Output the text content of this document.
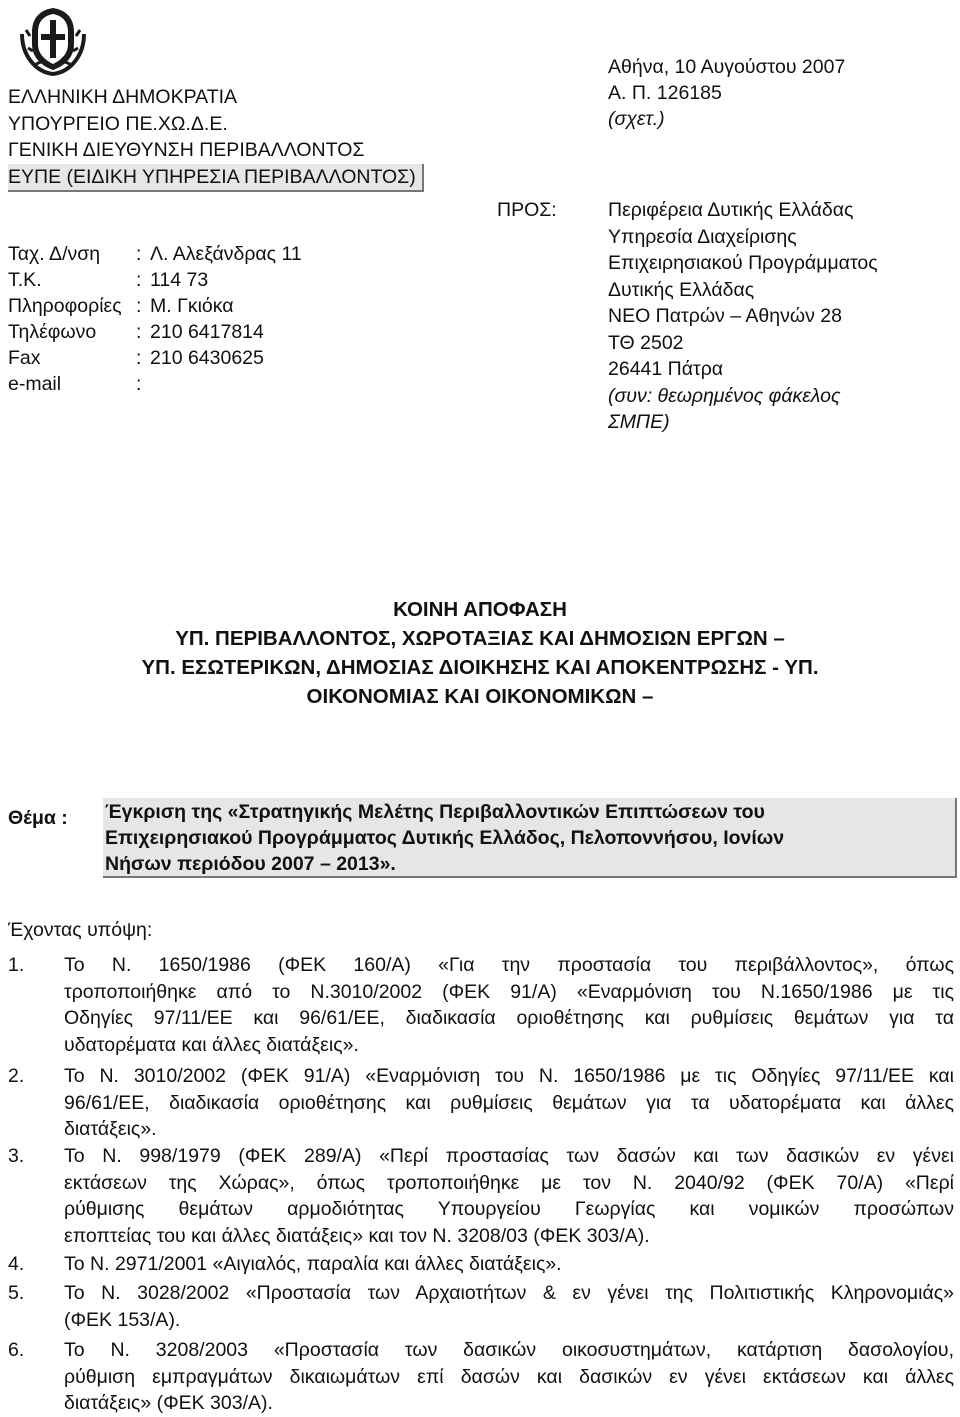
ΕΛΛΗΝΙΚΗ ΔΗΜΟΚΡΑΤΙΑ
ΥΠΟΥΡΓΕΙΟ ΠΕ.ΧΩ.Δ.Ε.
ΓΕΝΙΚΗ ΔΙΕΥΘΥΝΣΗ ΠΕΡΙΒΑΛΛΟΝΤΟΣ
ΕΥΠΕ (ΕΙΔΙΚΗ ΥΠΗΡΕΣΙΑ ΠΕΡΙΒΑΛΛΟΝΤΟΣ)
Ταχ. Δ/νση : Λ. Αλεξάνδρας 11
Τ.Κ.	: 114 73
Πληροφορίες : Μ. Γκιόκα
Τηλέφωνο : 210 6417814
Fax	: 210 6430625
e-mail	:
Αθήνα, 10 Αυγούστου 2007
Α. Π. 126185
(σχετ.)
ΠΡΟΣ:	Περιφέρεια Δυτικής Ελλάδας
Υπηρεσία Διαχείρισης
Επιχειρησιακού Προγράμματος
Δυτικής Ελλάδας
ΝΕΟ Πατρών – Αθηνών 28
ΤΘ 2502
26441 Πάτρα
(συν: θεωρημένος φάκελος
ΣΜΠΕ)
ΚΟΙΝΗ ΑΠΟΦΑΣΗ
ΥΠ. ΠΕΡΙΒΑΛΛΟΝΤΟΣ, ΧΩΡΟΤΑΞΙΑΣ ΚΑΙ ΔΗΜΟΣΙΩΝ ΕΡΓΩΝ –
ΥΠ. ΕΣΩΤΕΡΙΚΩΝ, ΔΗΜΟΣΙΑΣ ΔΙΟΙΚΗΣΗΣ ΚΑΙ ΑΠΟΚΕΝΤΡΩΣΗΣ - ΥΠ.
ΟΙΚΟΝΟΜΙΑΣ ΚΑΙ ΟΙΚΟΝΟΜΙΚΩΝ –
Θέμα : Έγκριση της «Στρατηγικής Μελέτης Περιβαλλοντικών Επιπτώσεων του
Επιχειρησιακού Προγράμματος Δυτικής Ελλάδος, Πελοποννήσου, Ιονίων
Νήσων περιόδου 2007 – 2013».
Έχοντας υπόψη:
1. Το Ν. 1650/1986 (ΦΕΚ 160/Α) «Για την προστασία του περιβάλλοντος», όπως
τροποποιήθηκε από το Ν.3010/2002 (ΦΕΚ 91/Α) «Εναρμόνιση του Ν.1650/1986 με τις
Οδηγίες 97/11/ΕΕ και 96/61/ΕΕ, διαδικασία οριοθέτησης και ρυθμίσεις θεμάτων για τα
υδατορέματα και άλλες διατάξεις».
2. Το Ν. 3010/2002 (ΦΕΚ 91/Α) «Εναρμόνιση του Ν. 1650/1986 με τις Οδηγίες 97/11/ΕΕ και
96/61/ΕΕ, διαδικασία οριοθέτησης και ρυθμίσεις θεμάτων για τα υδατορέματα και άλλες
διατάξεις».
3. Το Ν. 998/1979 (ΦΕΚ 289/Α) «Περί προστασίας των δασών και των δασικών εν γένει
εκτάσεων της Χώρας», όπως τροποποιήθηκε με τον Ν. 2040/92 (ΦΕΚ 70/Α) «Περί
ρύθμισης θεμάτων αρμοδιότητας Υπουργείου Γεωργίας και νομικών προσώπων
εποπτείας του και άλλες διατάξεις» και τον Ν. 3208/03 (ΦΕΚ 303/Α).
4. Το Ν. 2971/2001 «Αιγιαλός, παραλία και άλλες διατάξεις».
5. Το Ν. 3028/2002 «Προστασία των Αρχαιοτήτων & εν γένει της Πολιτιστικής Κληρονομιάς»
(ΦΕΚ 153/Α).
6. Το Ν. 3208/2003 «Προστασία των δασικών οικοσυστημάτων, κατάρτιση δασολογίου,
ρύθμιση εμπραγμάτων δικαιωμάτων επί δασών και δασικών εν γένει εκτάσεων και άλλες
διατάξεις» (ΦΕΚ 303/Α).
